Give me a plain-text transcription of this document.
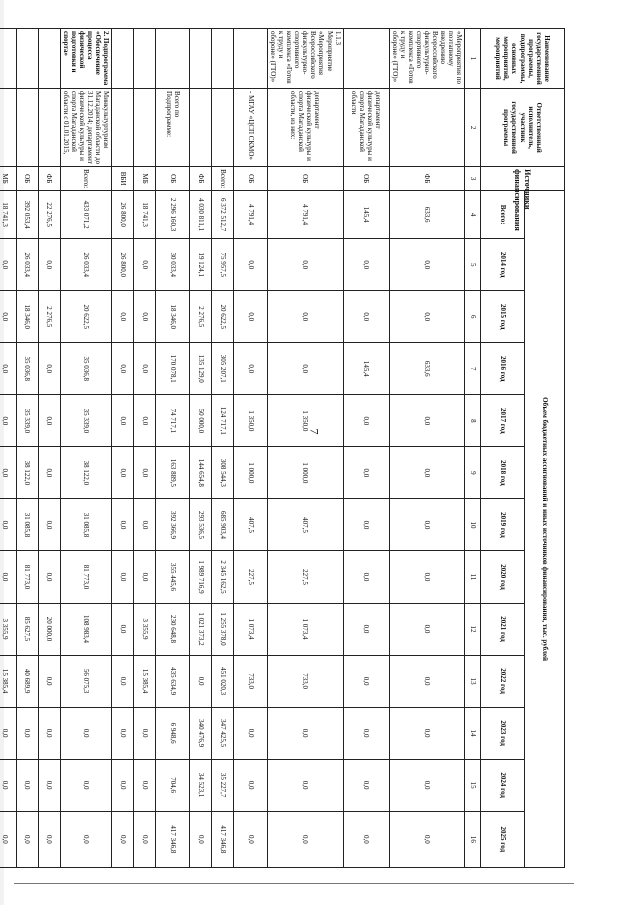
7
Наименование государственной программы, подпрограммы, основных мероприятий, мероприятий	Ответственный исполнитель, участник государственной программы	Источники финансирования	Объем бюджетных ассигнований и иных источников финансирования, тыс. рублей												
			Всего:	2014 год	2015 год	2016 год	2017 год	2018 год	2019 год	2020 год	2021 год	2022 год	2023 год	2024 год	2025 год
1	2	3	4	5	6	7	8	9	10	11	12	13	14	15	16
«Мероприятия по поэтапному внедрению Всероссийского физкультурно-спортивного комплекса «Готов к труду и обороне» (ГТО)»		ФБ	633,6	0,0	0,0	633,6	0,0	0,0	0,0	0,0	0,0	0,0	0,0	0,0	0,0
	департамент физической культуры и спорта Магаданской области	ОБ	145,4	0,0	0,0	145,4	0,0	0,0	0,0	0,0	0,0	0,0	0,0	0,0	0,0
1.1.3 Мероприятие «Мероприятия Всероссийского физкультурно-спортивного комплекса «Готов к труду и обороне» (ГТО)»	департамент физической культуры и спорта Магаданской области, из них:	ОБ	4 791,4	0,0	0,0	0,0	1 350,0	1 000,0	407,5	227,5	1 073,4	733,0	0,0	0,0	0,0
	- МГАУ «ЦСП СКМО»	ОБ	4 791,4	0,0	0,0	0,0	1 350,0	1 000,0	407,5	227,5	1 073,4	733,0	0,0	0,0	0,0
		Всего:	6 372 512,7	75 957,5	20 622,5	305 207,1	124 717,1	308 544,3	685 903,4	2 345 162,5	1 255 378,0	451 020,3	347 425,5	35 227,7	417 346,8
		ФБ	4 030 811,1	19 124,1	2 276,5	135 129,0	50 000,0	144 654,8	293 536,5	1 989 716,9	1 021 373,2	0,0	340 476,9	34 523,1	0,0
	Всего по Подпрограмме:	ОБ	2 296 160,3	30 033,4	18 346,0	170 078,1	74 717,1	163 889,5	392 366,9	355 445,6	230 648,8	435 634,9	6 948,6	704,6	417 346,8
		МБ	18 741,3	0,0	0,0	0,0	0,0	0,0	0,0	0,0	3 355,9	15 385,4	0,0	0,0	0,0
		ВБИ	26 800,0	26 800,0	0,0	0,0	0,0	0,0	0,0	0,0	0,0	0,0	0,0	0,0	0,0
2. Подпрограмма «Обеспечение процесса физической подготовки и спорта»	Минкультуртуризм Магаданской области до 31.12.2014; департамент физической культуры и спорта Магаданской области с 01.01.2015,	Всего:	433 071,2	26 033,4	20 622,5	35 036,8	35 339,0	38 122,0	31 085,8	81 773,0	108 983,4	56 075,3	0,0	0,0	0,0
		ФБ	22 276,5	0,0	2 276,5	0,0	0,0	0,0	0,0	0,0	20 000,0	0,0	0,0	0,0	0,0
		ОБ	392 053,4	26 033,4	18 346,0	35 036,8	35 339,0	38 122,0	31 085,8	81 773,0	85 627,5	40 689,9	0,0	0,0	0,0
		МБ	18 741,3	0,0	0,0	0,0	0,0	0,0	0,0	0,0	3 355,9	15 385,4	0,0	0,0	0,0
